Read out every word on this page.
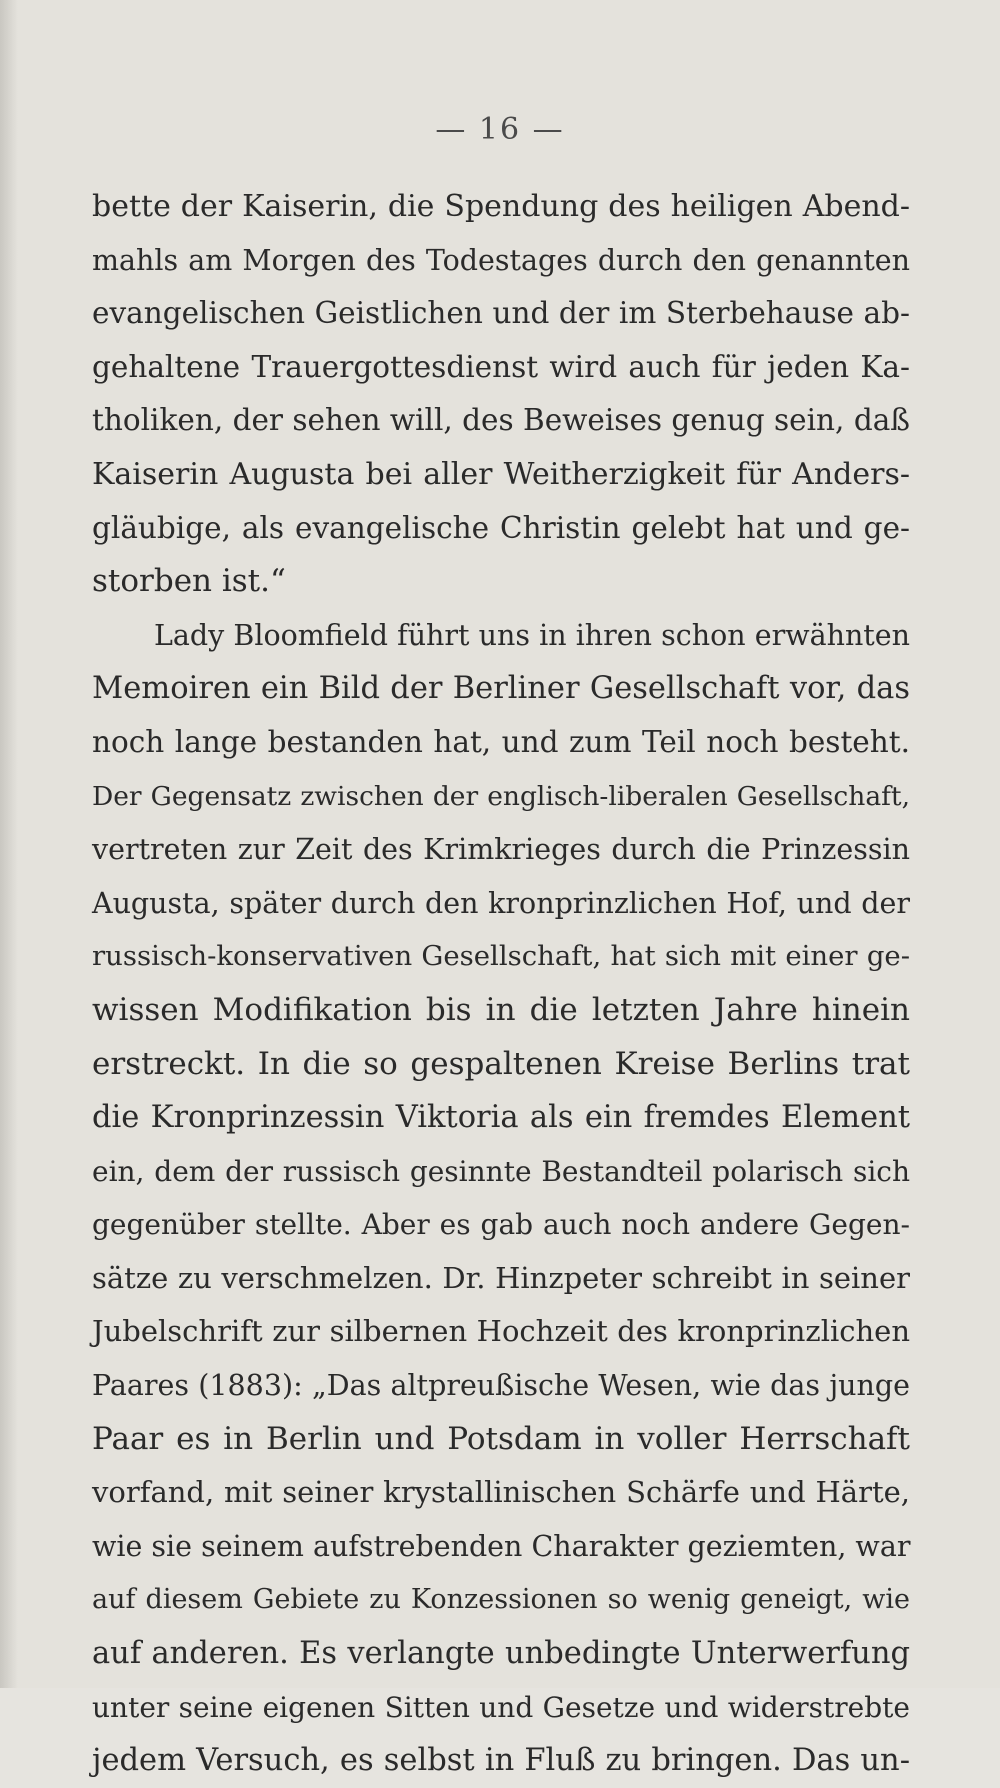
— 16 —
bette der Kaiserin, die Spendung des heiligen Abend-
mahls am Morgen des Todestages durch den genannten
evangelischen Geistlichen und der im Sterbehause ab-
gehaltene Trauergottesdienst wird auch für jeden Ka-
tholiken, der sehen will, des Beweises genug sein, daß
Kaiserin Augusta bei aller Weitherzigkeit für Anders-
gläubige, als evangelische Christin gelebt hat und ge-
storben ist.“
Lady Bloomfield führt uns in ihren schon erwähnten
Memoiren ein Bild der Berliner Gesellschaft vor, das
noch lange bestanden hat, und zum Teil noch besteht.
Der Gegensatz zwischen der englisch-liberalen Gesellschaft,
vertreten zur Zeit des Krimkrieges durch die Prinzessin
Augusta, später durch den kronprinzlichen Hof, und der
russisch-konservativen Gesellschaft, hat sich mit einer ge-
wissen Modifikation bis in die letzten Jahre hinein
erstreckt. In die so gespaltenen Kreise Berlins trat
die Kronprinzessin Viktoria als ein fremdes Element
ein, dem der russisch gesinnte Bestandteil polarisch sich
gegenüber stellte. Aber es gab auch noch andere Gegen-
sätze zu verschmelzen. Dr. Hinzpeter schreibt in seiner
Jubelschrift zur silbernen Hochzeit des kronprinzlichen
Paares (1883): „Das altpreußische Wesen, wie das junge
Paar es in Berlin und Potsdam in voller Herrschaft
vorfand, mit seiner krystallinischen Schärfe und Härte,
wie sie seinem aufstrebenden Charakter geziemten, war
auf diesem Gebiete zu Konzessionen so wenig geneigt, wie
auf anderen. Es verlangte unbedingte Unterwerfung
unter seine eigenen Sitten und Gesetze und widerstrebte
jedem Versuch, es selbst in Fluß zu bringen. Das un-
